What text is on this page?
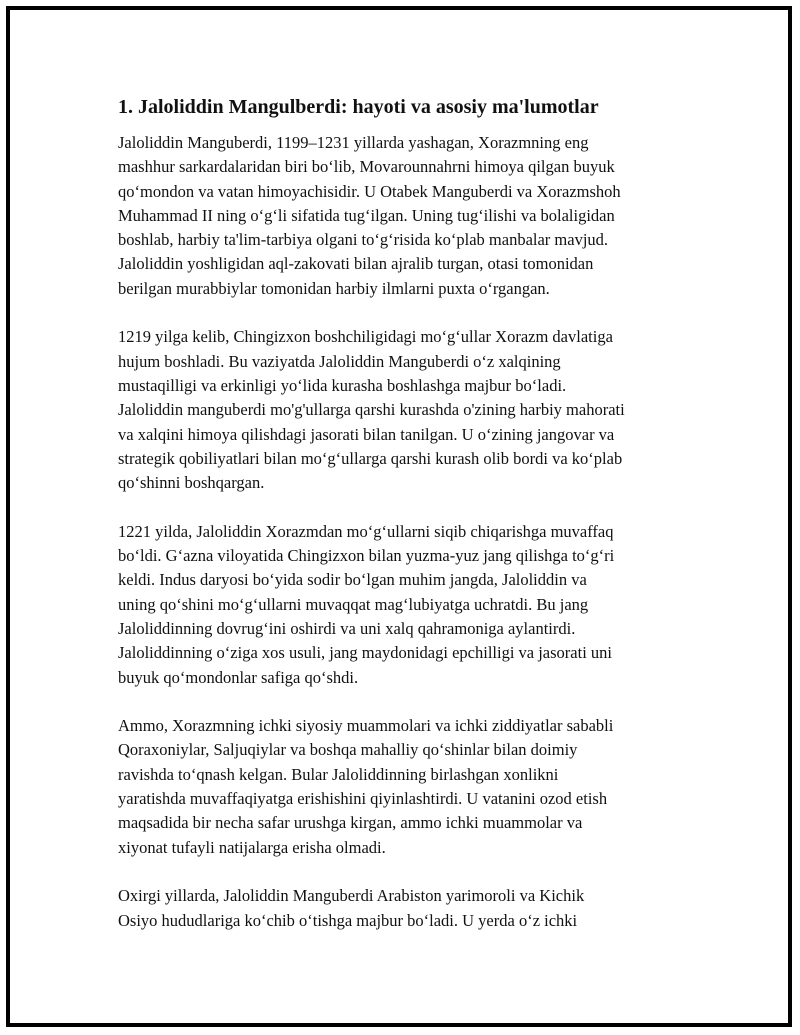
1. Jaloliddin Mangulberdi: hayoti va asosiy ma'lumotlar

Jaloliddin Manguberdi, 1199–1231 yillarda yashagan, Xorazmning eng
mashhur sarkardalaridan biri bo‘lib, Movarounnahrni himoya qilgan buyuk
qo‘mondon va vatan himoyachisidir. U Otabek Manguberdi va Xorazmshoh
Muhammad II ning o‘g‘li sifatida tug‘ilgan. Uning tug‘ilishi va bolaligidan
boshlab, harbiy ta'lim-tarbiya olgani to‘g‘risida ko‘plab manbalar mavjud.
Jaloliddin yoshligidan aql-zakovati bilan ajralib turgan, otasi tomonidan
berilgan murabbiylar tomonidan harbiy ilmlarni puxta o‘rgangan.

1219 yilga kelib, Chingizxon boshchiligidagi mo‘g‘ullar Xorazm davlatiga
hujum boshladi. Bu vaziyatda Jaloliddin Manguberdi o‘z xalqining
mustaqilligi va erkinligi yo‘lida kurasha boshlashga majbur bo‘ladi.
Jaloliddin manguberdi mo'g'ullarga qarshi kurashda o'zining harbiy mahorati
va xalqini himoya qilishdagi jasorati bilan tanilgan. U o‘zining jangovar va
strategik qobiliyatlari bilan mo‘g‘ullarga qarshi kurash olib bordi va ko‘plab
qo‘shinni boshqargan.

1221 yilda, Jaloliddin Xorazmdan mo‘g‘ullarni siqib chiqarishga muvaffaq
bo‘ldi. G‘azna viloyatida Chingizxon bilan yuzma-yuz jang qilishga to‘g‘ri
keldi. Indus daryosi bo‘yida sodir bo‘lgan muhim jangda, Jaloliddin va
uning qo‘shini mo‘g‘ullarni muvaqqat mag‘lubiyatga uchratdi. Bu jang
Jaloliddinning dovrug‘ini oshirdi va uni xalq qahramoniga aylantirdi.
Jaloliddinning o‘ziga xos usuli, jang maydonidagi epchilligi va jasorati uni
buyuk qo‘mondonlar safiga qo‘shdi.

Ammo, Xorazmning ichki siyosiy muammolari va ichki ziddiyatlar sababli
Qoraxoniylar, Saljuqiylar va boshqa mahalliy qo‘shinlar bilan doimiy
ravishda to‘qnash kelgan. Bular Jaloliddinning birlashgan xonlikni
yaratishda muvaffaqiyatga erishishini qiyinlashtirdi. U vatanini ozod etish
maqsadida bir necha safar urushga kirgan, ammo ichki muammolar va
xiyonat tufayli natijalarga erisha olmadi.

Oxirgi yillarda, Jaloliddin Manguberdi Arabiston yarimoroli va Kichik
Osiyo hududlariga ko‘chib o‘tishga majbur bo‘ladi. U yerda o‘z ichki
